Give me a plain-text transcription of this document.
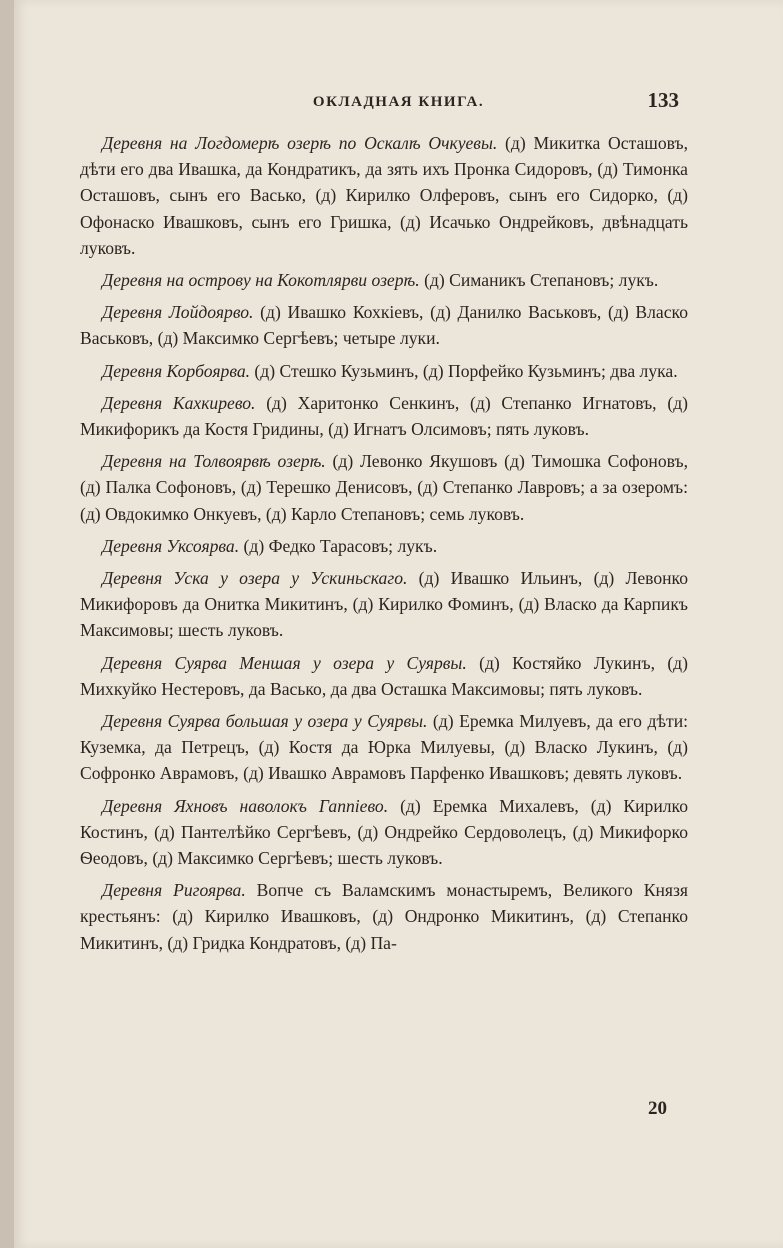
ОКЛАДНАЯ КНИГА.	133

Деревня на Логдомерѣ озерѣ по Оскалѣ Очкуевы. (д) Микитка Осташовъ, дѣти его два Ивашка, да Кондратикъ, да зять ихъ Пронка Сидоровъ, (д) Тимонка Осташовъ, сынъ его Васько, (д) Кирилко Олферовъ, сынъ его Сидорко, (д) Офонаско Ивашковъ, сынъ его Гришка, (д) Исачько Ондрейковъ, двѣнадцать луковъ.

Деревня на острову на Кокотлярви озерѣ. (д) Симаникъ Степановъ; лукъ.

Деревня Лойдоярво. (д) Ивашко Кохкіевъ, (д) Данилко Васьковъ, (д) Власко Васьковъ, (д) Максимко Сергѣевъ; четыре луки.

Деревня Корбоярва. (д) Стешко Кузьминъ, (д) Порфейко Кузьминъ; два лука.

Деревня Кахкирево. (д) Харитонко Сенкинъ, (д) Степанко Игнатовъ, (д) Микифорикъ да Костя Гридины, (д) Игнатъ Олсимовъ; пять луковъ.

Деревня на Толвоярвѣ озерѣ. (д) Левонко Якушовъ (д) Тимошка Софоновъ, (д) Палка Софоновъ, (д) Терешко Денисовъ, (д) Степанко Лавровъ; а за озеромъ: (д) Овдокимко Онкуевъ, (д) Карло Степановъ; семь луковъ.

Деревня Уксоярва. (д) Федко Тарасовъ; лукъ.

Деревня Уска у озера у Ускиньскаго. (д) Ивашко Ильинъ, (д) Левонко Микифоровъ да Онитка Микитинъ, (д) Кирилко Фоминъ, (д) Власко да Карпикъ Максимовы; шесть луковъ.

Деревня Суярва Меншая у озера у Суярвы. (д) Костяйко Лукинъ, (д) Михкуйко Нестеровъ, да Васько, да два Осташка Максимовы; пять луковъ.

Деревня Суярва большая у озера у Суярвы. (д) Еремка Милуевъ, да его дѣти: Куземка, да Петрецъ, (д) Костя да Юрка Милуевы, (д) Власко Лукинъ, (д) Софронко Аврамовъ, (д) Ивашко Аврамовъ Парфенко Ивашковъ; девять луковъ.

Деревня Яхновъ наволокъ Гаппіево. (д) Еремка Михалевъ, (д) Кирилко Костинъ, (д) Пантелѣйко Сергѣевъ, (д) Ондрейко Сердоволецъ, (д) Микифорко Ѳеодовъ, (д) Максимко Сергѣевъ; шесть луковъ.

Деревня Ригоярва. Вопче съ Валамскимъ монастыремъ, Великого Князя крестьянъ: (д) Кирилко Ивашковъ, (д) Ондронко Микитинъ, (д) Степанко Микитинъ, (д) Гридка Кондратовъ, (д) Па-

20
